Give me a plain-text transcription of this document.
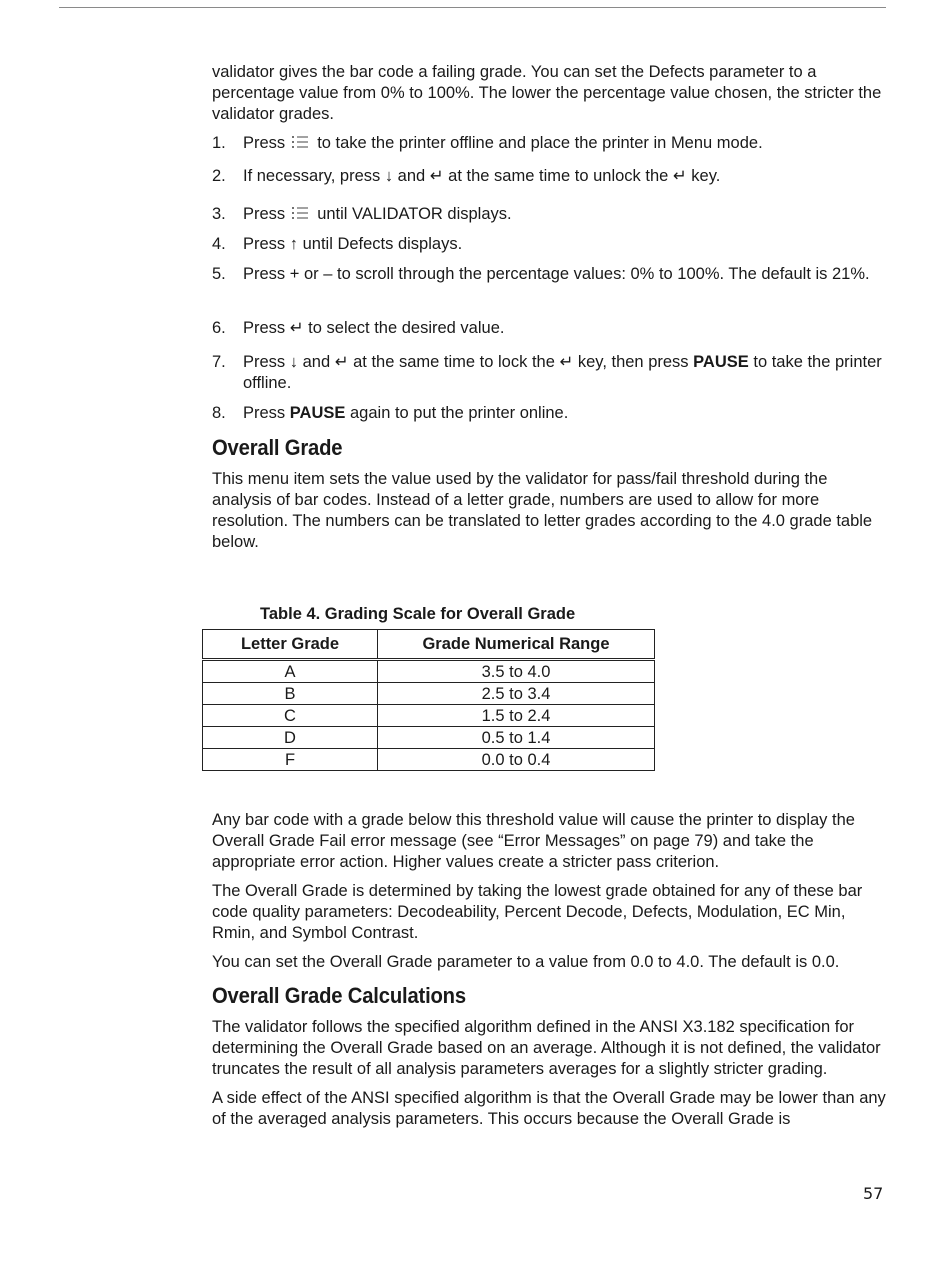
validator gives the bar code a failing grade. You can set the Defects parameter to a percentage value from 0% to 100%. The lower the percentage value chosen, the stricter the validator grades.

1. Press to take the printer offline and place the printer in Menu mode.
2. If necessary, press ↓ and ↵ at the same time to unlock the ↵ key.
3. Press until VALIDATOR displays.
4. Press ↑ until Defects displays.
5. Press + or – to scroll through the percentage values: 0% to 100%. The default is 21%.
6. Press ↵ to select the desired value.
7. Press ↓ and ↵ at the same time to lock the ↵ key, then press PAUSE to take the printer offline.
8. Press PAUSE again to put the printer online.
Overall Grade

This menu item sets the value used by the validator for pass/fail threshold during the analysis of bar codes. Instead of a letter grade, numbers are used to allow for more resolution. The numbers can be translated to letter grades according to the 4.0 grade table below.

Table 4. Grading Scale for Overall Grade
Letter Grade	Grade Numerical Range
A	3.5 to 4.0
B	2.5 to 3.4
C	1.5 to 2.4
D	0.5 to 1.4
F	0.0 to 0.4

Any bar code with a grade below this threshold value will cause the printer to display the Overall Grade Fail error message (see “Error Messages” on page 79) and take the appropriate error action. Higher values create a stricter pass criterion.

The Overall Grade is determined by taking the lowest grade obtained for any of these bar code quality parameters: Decodeability, Percent Decode, Defects, Modulation, EC Min, Rmin, and Symbol Contrast.

You can set the Overall Grade parameter to a value from 0.0 to 4.0. The default is 0.0.

Overall Grade Calculations

The validator follows the specified algorithm defined in the ANSI X3.182 specification for determining the Overall Grade based on an average. Although it is not defined, the validator truncates the result of all analysis parameters averages for a slightly stricter grading.

A side effect of the ANSI specified algorithm is that the Overall Grade may be lower than any of the averaged analysis parameters. This occurs because the Overall Grade is

57
